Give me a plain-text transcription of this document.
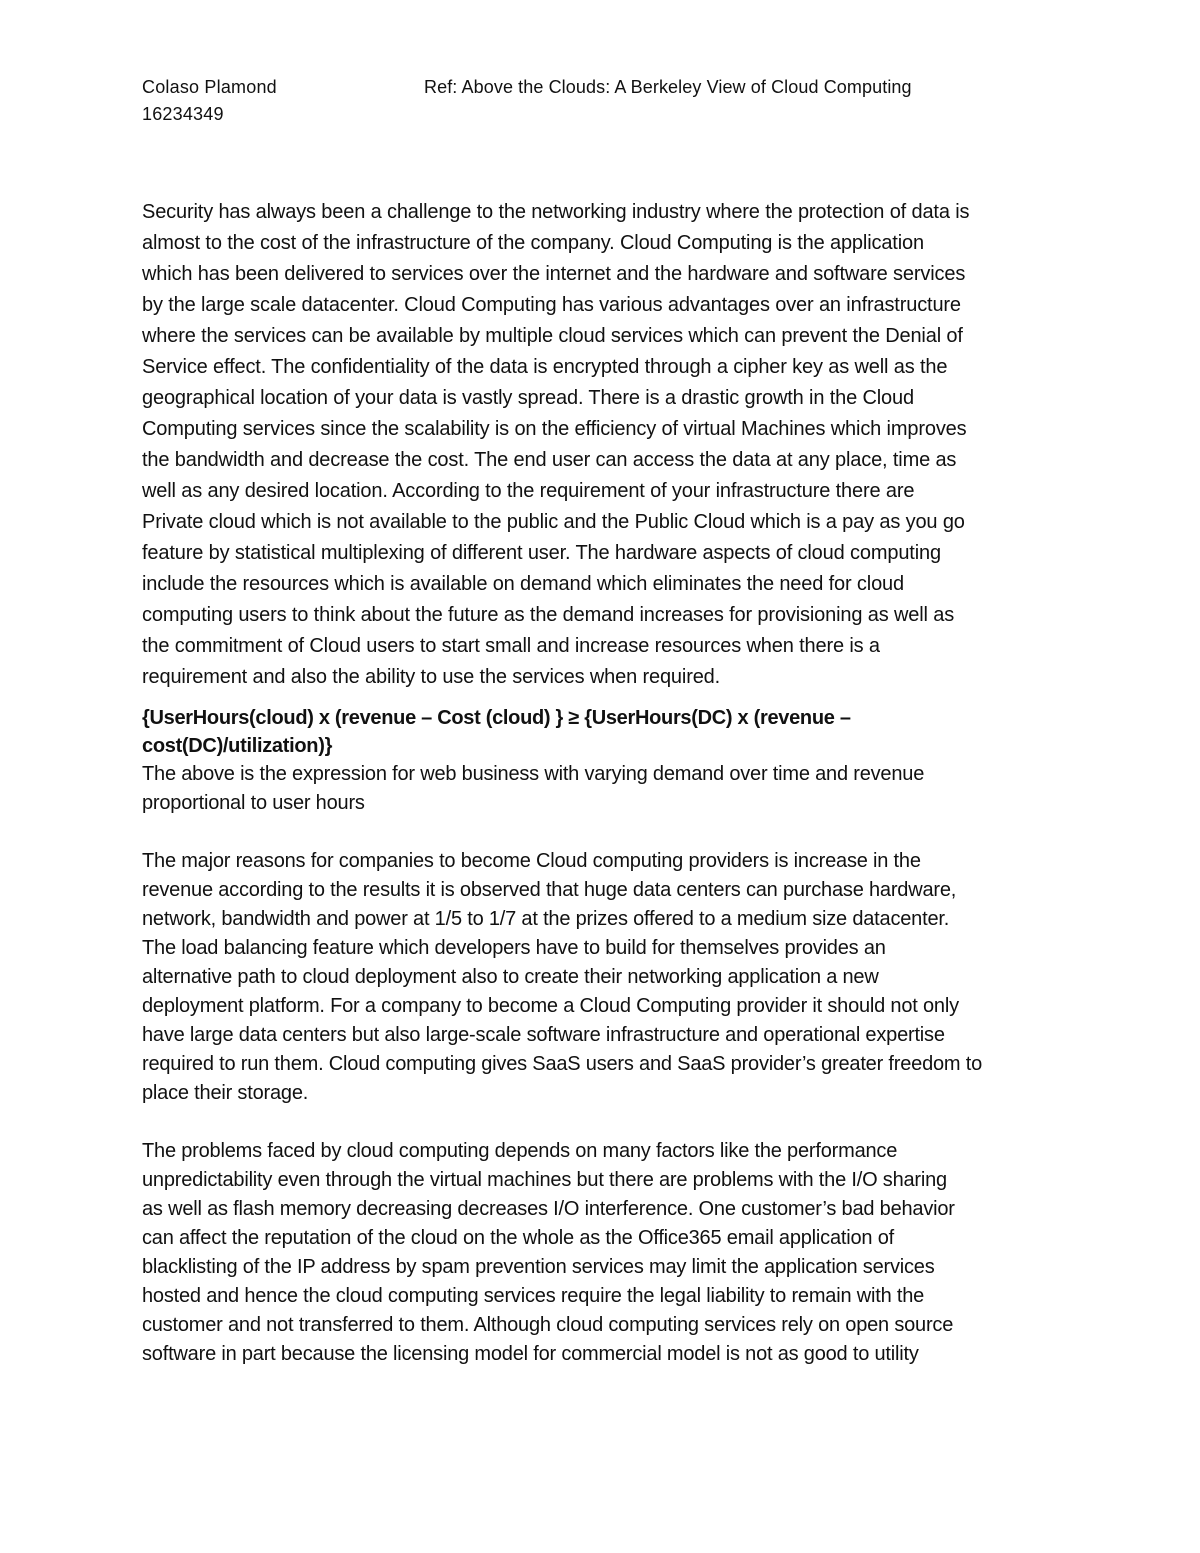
Colaso Plamond
16234349
Ref: Above the Clouds: A Berkeley View of Cloud Computing

Security has always been a challenge to the networking industry where the protection of data is
almost to the cost of the infrastructure of the company. Cloud Computing is the application
which has been delivered to services over the internet and the hardware and software services
by the large scale datacenter. Cloud Computing has various advantages over an infrastructure
where the services can be available by multiple cloud services which can prevent the Denial of
Service effect. The confidentiality of the data is encrypted through a cipher key as well as the
geographical location of your data is vastly spread. There is a drastic growth in the Cloud
Computing services since the scalability is on the efficiency of virtual Machines which improves
the bandwidth and decrease the cost. The end user can access the data at any place, time as
well as any desired location. According to the requirement of your infrastructure there are
Private cloud which is not available to the public and the Public Cloud which is a pay as you go
feature by statistical multiplexing of different user. The hardware aspects of cloud computing
include the resources which is available on demand which eliminates the need for cloud
computing users to think about the future as the demand increases for provisioning as well as
the commitment of Cloud users to start small and increase resources when there is a
requirement and also the ability to use the services when required.

{UserHours(cloud) x (revenue – Cost (cloud) } ≥ {UserHours(DC) x (revenue –
cost(DC)/utilization)}

The above is the expression for web business with varying demand over time and revenue
proportional to user hours

The major reasons for companies to become Cloud computing providers is increase in the
revenue according to the results it is observed that huge data centers can purchase hardware,
network, bandwidth and power at 1/5 to 1/7 at the prizes offered to a medium size datacenter.
The load balancing feature which developers have to build for themselves provides an
alternative path to cloud deployment also to create their networking application a new
deployment platform. For a company to become a Cloud Computing provider it should not only
have large data centers but also large-scale software infrastructure and operational expertise
required to run them. Cloud computing gives SaaS users and SaaS provider’s greater freedom to
place their storage.

The problems faced by cloud computing depends on many factors like the performance
unpredictability even through the virtual machines but there are problems with the I/O sharing
as well as flash memory decreasing decreases I/O interference. One customer’s bad behavior
can affect the reputation of the cloud on the whole as the Office365 email application of
blacklisting of the IP address by spam prevention services may limit the application services
hosted and hence the cloud computing services require the legal liability to remain with the
customer and not transferred to them. Although cloud computing services rely on open source
software in part because the licensing model for commercial model is not as good to utility
